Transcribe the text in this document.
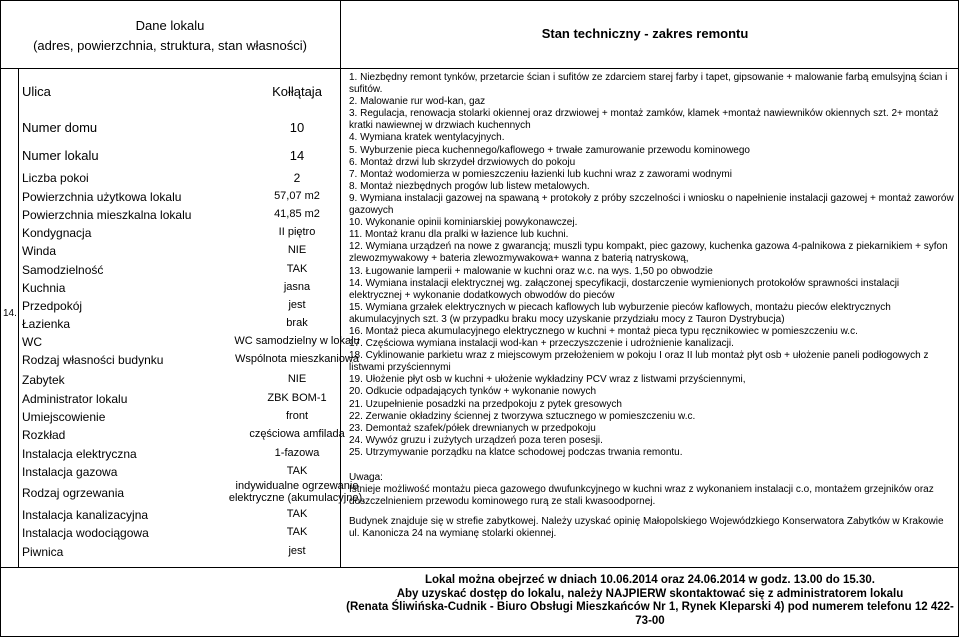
Dane lokalu
(adres, powierzchnia, struktura, stan własności)
Stan techniczny - zakres remontu
14.
Ulica	Kołłątaja
Numer domu	10
Numer lokalu	14
Liczba pokoi	2
Powierzchnia użytkowa lokalu	57,07 m2
Powierzchnia mieszkalna lokalu	41,85 m2
Kondygnacja	II piętro
Winda	NIE
Samodzielność	TAK
Kuchnia	jasna
Przedpokój	jest
Łazienka	brak
WC	WC samodzielny w lokalu
Rodzaj własności budynku	Wspólnota mieszkaniowa
Zabytek	NIE
Administrator lokalu	ZBK BOM-1
Umiejscowienie	front
Rozkład	częściowa amfilada
Instalacja elektryczna	1-fazowa
Instalacja gazowa	TAK
Rodzaj ogrzewania	indywidualne ogrzewanie
elektryczne (akumulacyjne),
Instalacja kanalizacyjna	TAK
Instalacja wodociągowa	TAK
Piwnica	jest

1. Niezbędny remont tynków, przetarcie ścian i sufitów ze zdarciem starej farby i tapet, gipsowanie + malowanie farbą emulsyjną ścian i sufitów.

2. Malowanie rur wod-kan, gaz

3. Regulacja, renowacja stolarki okiennej oraz drzwiowej + montaż zamków, klamek +montaż nawiewników okiennych szt. 2+ montaż kratki nawiewnej w drzwiach kuchennych

4. Wymiana kratek wentylacyjnych.

5. Wyburzenie pieca kuchennego/kaflowego + trwałe zamurowanie przewodu kominowego

6. Montaż drzwi lub skrzydeł drzwiowych do pokoju

7. Montaż wodomierza w pomieszczeniu łazienki lub kuchni wraz z zaworami wodnymi

8. Montaż niezbędnych progów lub listew metalowych.

9. Wymiana instalacji gazowej na spawaną + protokoły z próby szczelności i wniosku o napełnienie instalacji gazowej + montaż zaworów gazowych

10. Wykonanie opinii kominiarskiej powykonawczej.

11. Montaż kranu dla pralki w łazience lub kuchni.

12. Wymiana urządzeń na nowe z gwarancją; muszli typu kompakt, piec gazowy, kuchenka gazowa 4-palnikowa z piekarnikiem + syfon zlewozmywakowy + bateria zlewozmywakowa+ wanna z baterią natryskową,

13. Ługowanie lamperii + malowanie w kuchni oraz w.c. na wys. 1,50 po obwodzie

14. Wymiana instalacji elektrycznej wg. załączonej specyfikacji, dostarczenie wymienionych protokołów sprawności instalacji elektrycznej + wykonanie dodatkowych obwodów do pieców

15. Wymiana grzałek elektrycznych w piecach kaflowych lub wyburzenie pieców kaflowych, montażu pieców elektrycznych akumulacyjnych szt. 3 (w przypadku braku mocy uzyskanie przydziału mocy z Tauron Dystrybucja)

16. Montaż pieca akumulacyjnego elektrycznego w kuchni + montaż pieca typu ręcznikowiec w pomieszczeniu w.c.

17. Częściowa wymiana instalacji wod-kan + przeczyszczenie i udrożnienie kanalizacji.

18. Cyklinowanie parkietu wraz z miejscowym przełożeniem w pokoju I oraz II lub montaż płyt osb + ułożenie paneli podłogowych z listwami przyściennymi

19. Ułożenie płyt osb w kuchni + ułożenie wykładziny PCV wraz z listwami przyściennymi,

20. Odkucie odpadających tynków + wykonanie nowych

21. Uzupełnienie posadzki na przedpokoju z pytek gresowych

22. Zerwanie okładziny ściennej z tworzywa sztucznego w pomieszczeniu w.c.

23. Demontaż szafek/półek drewnianych w przedpokoju

24. Wywóz gruzu i zużytych urządzeń poza teren posesji.

25. Utrzymywanie porządku na klatce schodowej podczas trwania remontu.

Uwaga:

Istnieje możliwość montażu pieca gazowego dwufunkcyjnego w kuchni wraz z wykonaniem instalacji c.o, montażem grzejników oraz doszczelnieniem przewodu kominowego rurą ze stali kwasoodpornej.

Budynek znajduje się w strefie zabytkowej. Należy uzyskać opinię Małopolskiego Wojewódzkiego Konserwatora Zabytków w Krakowie ul. Kanonicza 24 na wymianę stolarki okiennej.

Lokal można obejrzeć w dniach 10.06.2014 oraz 24.06.2014 w godz. 13.00 do 15.30.
Aby uzyskać dostęp do lokalu, należy NAJPIERW skontaktować się z administratorem lokalu
(Renata Śliwińska-Cudnik - Biuro Obsługi Mieszkańców Nr 1, Rynek Kleparski 4) pod numerem telefonu 12 422-73-00
